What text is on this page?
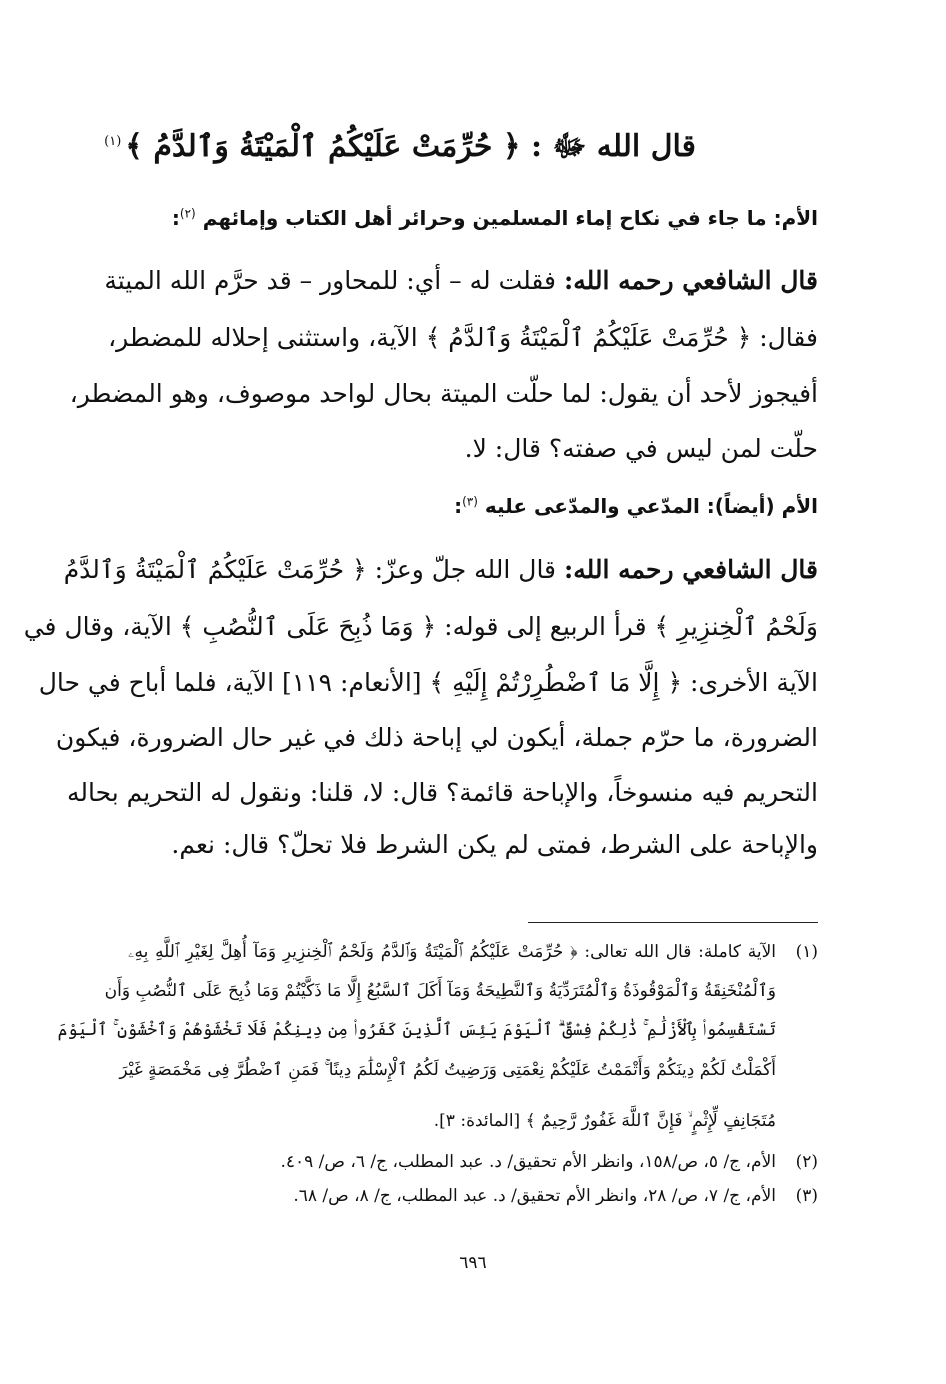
قال الله ﷻ : ﴿ حُرِّمَتْ عَلَيْكُمُ ٱلْمَيْتَةُ وَٱلدَّمُ ﴾$^{(١)}$
الأم: ما جاء في نكاح إماء المسلمين وحرائر أهل الكتاب وإمائهم $^{(٢)}$:
قال الشافعي رحمه الله: فقلت له – أي: للمحاور – قد حرَّم الله الميتة
فقال: ﴿ حُرِّمَتْ عَلَيْكُمُ ٱلْمَيْتَةُ وَٱلدَّمُ ﴾ الآية، واستثنى إحلاله للمضطر،
أفيجوز لأحد أن يقول: لما حلّت الميتة بحال لواحد موصوف، وهو المضطر،
حلّت لمن ليس في صفته؟ قال: لا.
الأم (أيضاً): المدّعي والمدّعى عليه $^{(٣)}$:
قال الشافعي رحمه الله: قال الله جلّ وعزّ: ﴿ حُرِّمَتْ عَلَيْكُمُ ٱلْمَيْتَةُ وَٱلدَّمُ
وَلَحْمُ ٱلْخِنزِيرِ ﴾ قرأ الربيع إلى قوله: ﴿ وَمَا ذُبِحَ عَلَى ٱلنُّصُبِ ﴾ الآية، وقال في
الآية الأخرى: ﴿ إِلَّا مَا ٱضْطُرِرْتُمْ إِلَيْهِ ﴾ [الأنعام: ١١٩] الآية، فلما أباح في حال
الضرورة، ما حرّم جملة، أيكون لي إباحة ذلك في غير حال الضرورة، فيكون
التحريم فيه منسوخاً، والإباحة قائمة؟ قال: لا، قلنا: ونقول له التحريم بحاله
والإباحة على الشرط، فمتى لم يكن الشرط فلا تحلّ؟ قال: نعم.
(١)الآية كاملة: قال الله تعالى: ﴿ حُرِّمَتْ عَلَيْكُمُ ٱلْمَيْتَةُ وَٱلدَّمُ وَلَحْمُ ٱلْخِنزِيرِ وَمَآ أُهِلَّ لِغَيْرِ ٱللَّهِ بِهِۦ
وَٱلْمُنْخَنِقَةُ وَٱلْمَوْقُوذَةُ وَٱلْمُتَرَدِّيَةُ وَٱلنَّطِيحَةُ وَمَآ أَكَلَ ٱلسَّبُعُ إِلَّا مَا ذَكَّيْتُمْ وَمَا ذُبِحَ عَلَى ٱلنُّصُبِ وَأَن
تَسْتَقْسِمُوا۟ بِٱلْأَزْلَٰمِ ۚ ذَٰلِكُمْ فِسْقٌ ۗ ٱلْيَوْمَ يَئِسَ ٱلَّذِينَ كَفَرُوا۟ مِن دِينِكُمْ فَلَا تَخْشَوْهُمْ وَٱخْشَوْنِ ۚ ٱلْيَوْمَ
أَكْمَلْتُ لَكُمْ دِينَكُمْ وَأَتْمَمْتُ عَلَيْكُمْ نِعْمَتِى وَرَضِيتُ لَكُمُ ٱلْإِسْلَٰمَ دِينًا ۚ فَمَنِ ٱضْطُرَّ فِى مَخْمَصَةٍ غَيْرَ
مُتَجَانِفٍ لِّإِثْمٍ ۙ فَإِنَّ ٱللَّهَ غَفُورٌ رَّحِيمٌ ﴾ [المائدة: ٣].
(٢)الأم، ج/ ٥، ص/١٥٨، وانظر الأم تحقيق/ د. عبد المطلب، ج/ ٦، ص/ ٤٠٩.
(٣)الأم، ج/ ٧، ص/ ٢٨، وانظر الأم تحقيق/ د. عبد المطلب، ج/ ٨، ص/ ٦٨.
٦٩٦
